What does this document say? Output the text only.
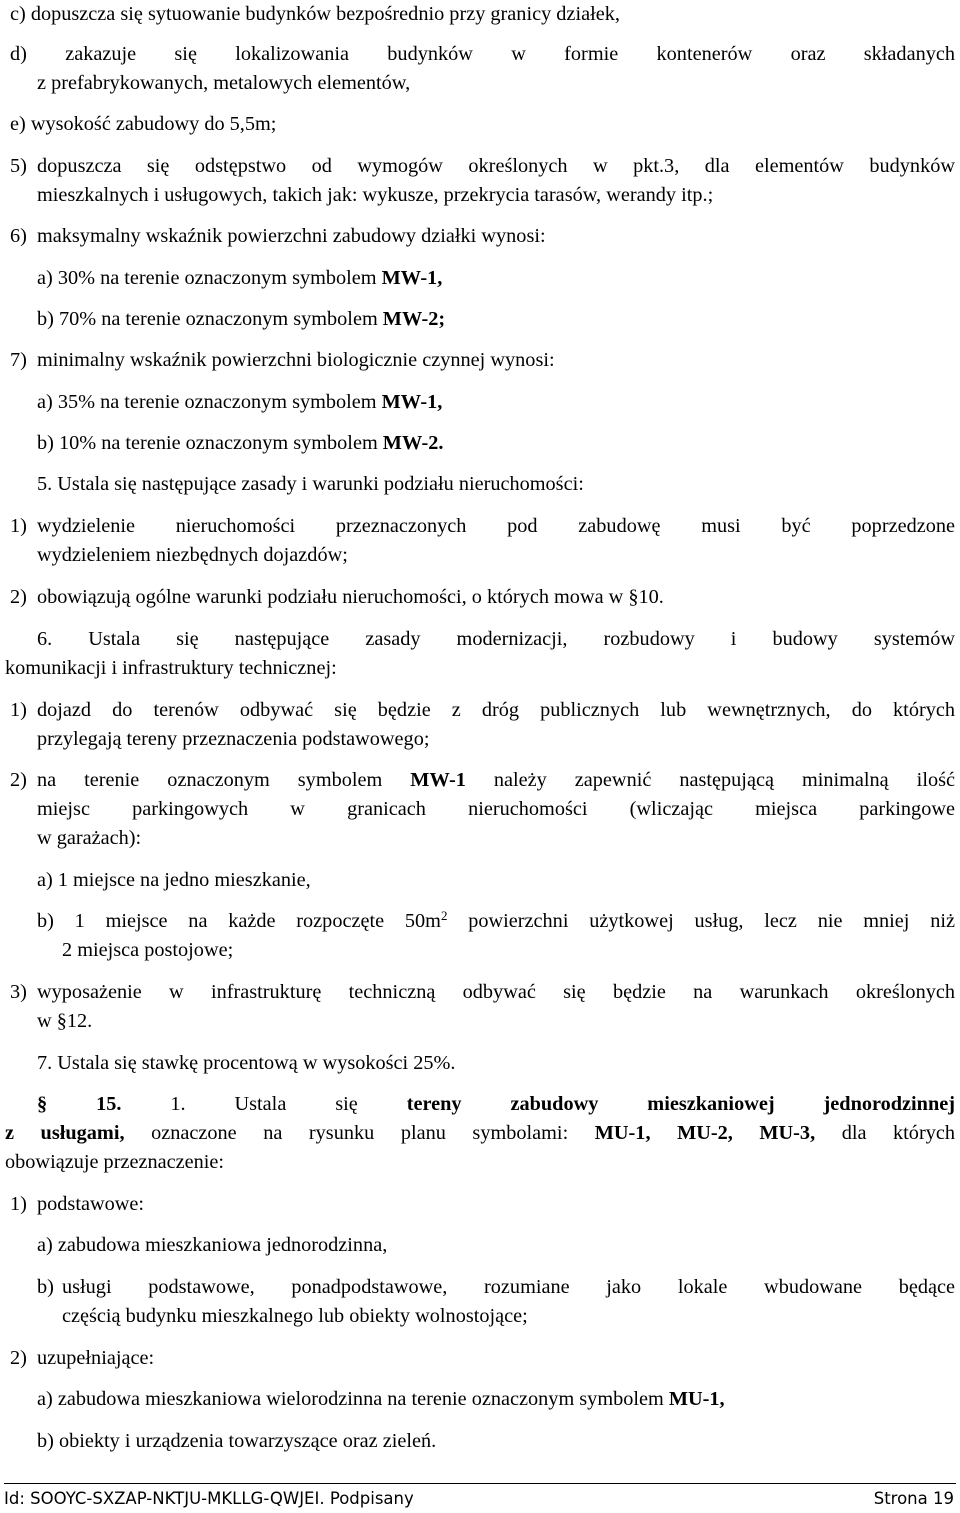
c) dopuszcza się sytuowanie budynków bezpośrednio przy granicy działek,
d) zakazuje się lokalizowania budynków w formie kontenerów oraz składanych
z prefabrykowanych, metalowych elementów,
e) wysokość zabudowy do 5,5m;
5) dopuszcza się odstępstwo od wymogów określonych w pkt.3, dla elementów budynków
mieszkalnych i usługowych, takich jak: wykusze, przekrycia tarasów, werandy itp.;
6) maksymalny wskaźnik powierzchni zabudowy działki wynosi:
a) 30% na terenie oznaczonym symbolem MW-1,
b) 70% na terenie oznaczonym symbolem MW-2;
7) minimalny wskaźnik powierzchni biologicznie czynnej wynosi:
a) 35% na terenie oznaczonym symbolem MW-1,
b) 10% na terenie oznaczonym symbolem MW-2.
5. Ustala się następujące zasady i warunki podziału nieruchomości:
1) wydzielenie nieruchomości przeznaczonych pod zabudowę musi być poprzedzone
wydzieleniem niezbędnych dojazdów;
2) obowiązują ogólne warunki podziału nieruchomości, o których mowa w §10.
6. Ustala się następujące zasady modernizacji, rozbudowy i budowy systemów
komunikacji i infrastruktury technicznej:
1) dojazd do terenów odbywać się będzie z dróg publicznych lub wewnętrznych, do których
przylegają tereny przeznaczenia podstawowego;
2) na terenie oznaczonym symbolem MW-1 należy zapewnić następującą minimalną ilość
miejsc parkingowych w granicach nieruchomości (wliczając miejsca parkingowe
w garażach):
a) 1 miejsce na jedno mieszkanie,
b) 1 miejsce na każde rozpoczęte $50m^2$ powierzchni użytkowej usług, lecz nie mniej niż
2 miejsca postojowe;
3) wyposażenie w infrastrukturę techniczną odbywać się będzie na warunkach określonych
w §12.
7. Ustala się stawkę procentową w wysokości 25%.
§ 15. 1. Ustala się tereny zabudowy mieszkaniowej jednorodzinnej
z usługami, oznaczone na rysunku planu symbolami: MU-1, MU-2, MU-3, dla których
obowiązuje przeznaczenie:
1) podstawowe:
a) zabudowa mieszkaniowa jednorodzinna,
b) usługi podstawowe, ponadpodstawowe, rozumiane jako lokale wbudowane będące
częścią budynku mieszkalnego lub obiekty wolnostojące;
2) uzupełniające:
a) zabudowa mieszkaniowa wielorodzinna na terenie oznaczonym symbolem MU-1,
b) obiekty i urządzenia towarzyszące oraz zieleń.
Id: SOOYC-SXZAP-NKTJU-MKLLG-QWJEI. Podpisany	Strona 19
